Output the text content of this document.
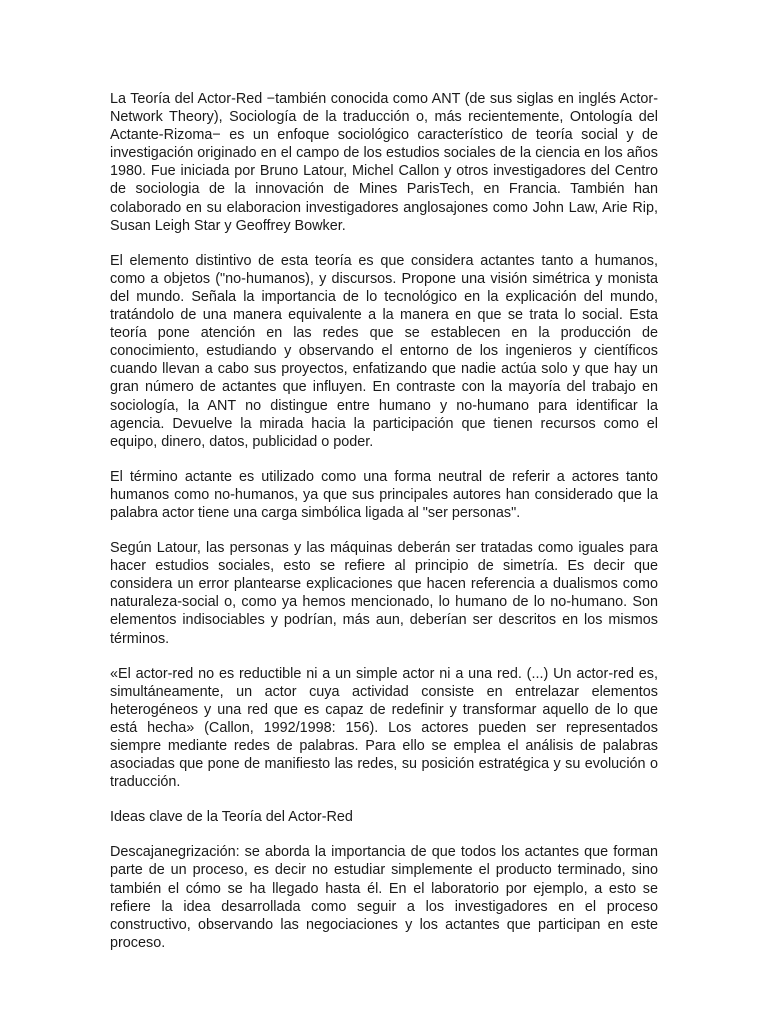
La Teoría del Actor-Red −también conocida como ANT (de sus siglas en inglés Actor-Network Theory), Sociología de la traducción o, más recientemente, Ontología del Actante-Rizoma− es un enfoque sociológico característico de teoría social y de investigación originado en el campo de los estudios sociales de la ciencia en los años 1980. Fue iniciada por Bruno Latour, Michel Callon y otros investigadores del Centro de sociologia de la innovación de Mines ParisTech, en Francia. También han colaborado en su elaboracion investigadores anglosajones como John Law, Arie Rip, Susan Leigh Star y Geoffrey Bowker.

El elemento distintivo de esta teoría es que considera actantes tanto a humanos, como a objetos ("no-humanos), y discursos. Propone una visión simétrica y monista del mundo. Señala la importancia de lo tecnológico en la explicación del mundo, tratándolo de una manera equivalente a la manera en que se trata lo social. Esta teoría pone atención en las redes que se establecen en la producción de conocimiento, estudiando y observando el entorno de los ingenieros y científicos cuando llevan a cabo sus proyectos, enfatizando que nadie actúa solo y que hay un gran número de actantes que influyen. En contraste con la mayoría del trabajo en sociología, la ANT no distingue entre humano y no-humano para identificar la agencia. Devuelve la mirada hacia la participación que tienen recursos como el equipo, dinero, datos, publicidad o poder.

El término actante es utilizado como una forma neutral de referir a actores tanto humanos como no-humanos, ya que sus principales autores han considerado que la palabra actor tiene una carga simbólica ligada al "ser personas".

Según Latour, las personas y las máquinas deberán ser tratadas como iguales para hacer estudios sociales, esto se refiere al principio de simetría. Es decir que considera un error plantearse explicaciones que hacen referencia a dualismos como naturaleza-social o, como ya hemos mencionado, lo humano de lo no-humano. Son elementos indisociables y podrían, más aun, deberían ser descritos en los mismos términos.

«El actor-red no es reductible ni a un simple actor ni a una red. (...) Un actor-red es, simultáneamente, un actor cuya actividad consiste en entrelazar elementos heterogéneos y una red que es capaz de redefinir y transformar aquello de lo que está hecha» (Callon, 1992/1998: 156). Los actores pueden ser representados siempre mediante redes de palabras. Para ello se emplea el análisis de palabras asociadas que pone de manifiesto las redes, su posición estratégica y su evolución o traducción.

Ideas clave de la Teoría del Actor-Red

Descajanegrización: se aborda la importancia de que todos los actantes que forman parte de un proceso, es decir no estudiar simplemente el producto terminado, sino también el cómo se ha llegado hasta él. En el laboratorio por ejemplo, a esto se refiere la idea desarrollada como seguir a los investigadores en el proceso constructivo, observando las negociaciones y los actantes que participan en este proceso.
